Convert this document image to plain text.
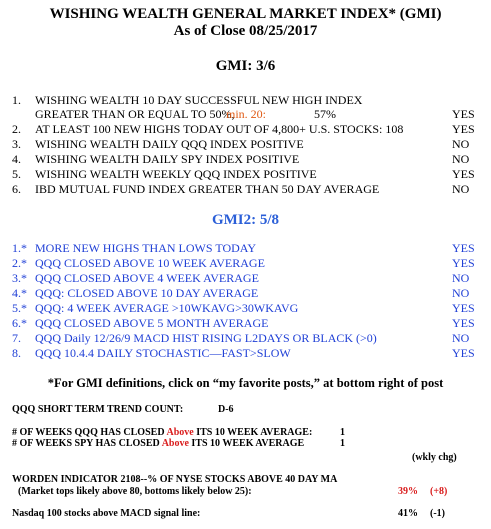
WISHING WEALTH GENERAL MARKET INDEX* (GMI)
As of Close 08/25/2017
GMI: 3/6
1. WISHING WEALTH 10 DAY SUCCESSFUL NEW HIGH INDEX
GREATER THAN OR EQUAL TO 50%,
min. 20:	57%	YES
2. AT LEAST 100 NEW HIGHS TODAY OUT OF 4,800+ U.S. STOCKS: 108	YES
3. WISHING WEALTH DAILY QQQ INDEX POSITIVE	NO
4. WISHING WEALTH DAILY SPY INDEX POSITIVE	NO
5. WISHING WEALTH WEEKLY QQQ INDEX POSITIVE	YES
6. IBD MUTUAL FUND INDEX GREATER THAN 50 DAY AVERAGE	NO
GMI2: 5/8
1.* MORE NEW HIGHS THAN LOWS TODAY	YES
2.* QQQ CLOSED ABOVE 10 WEEK AVERAGE	YES
3.* QQQ CLOSED ABOVE 4 WEEK AVERAGE	NO
4.* QQQ: CLOSED ABOVE 10 DAY AVERAGE	NO
5.* QQQ: 4 WEEK AVERAGE >10WKAVG>30WKAVG	YES
6.* QQQ CLOSED ABOVE 5 MONTH AVERAGE	YES
7. QQQ Daily 12/26/9 MACD HIST RISING L2DAYS OR BLACK (>0)	NO
8. QQQ 10.4.4 DAILY STOCHASTIC—FAST>SLOW	YES
*For GMI definitions, click on “my favorite posts,” at bottom right of post
QQQ SHORT TERM TREND COUNT:	D-6
# OF WEEKS QQQ HAS CLOSED Above ITS 10 WEEK AVERAGE:	1
# OF WEEKS SPY HAS CLOSED Above ITS 10 WEEK AVERAGE	1
(wkly chg)
WORDEN INDICATOR 2108--% OF NYSE STOCKS ABOVE 40 DAY MA
(Market tops likely above 80, bottoms likely below 25):	39% (+8)
Nasdaq 100 stocks above MACD signal line:	41% (-1)
